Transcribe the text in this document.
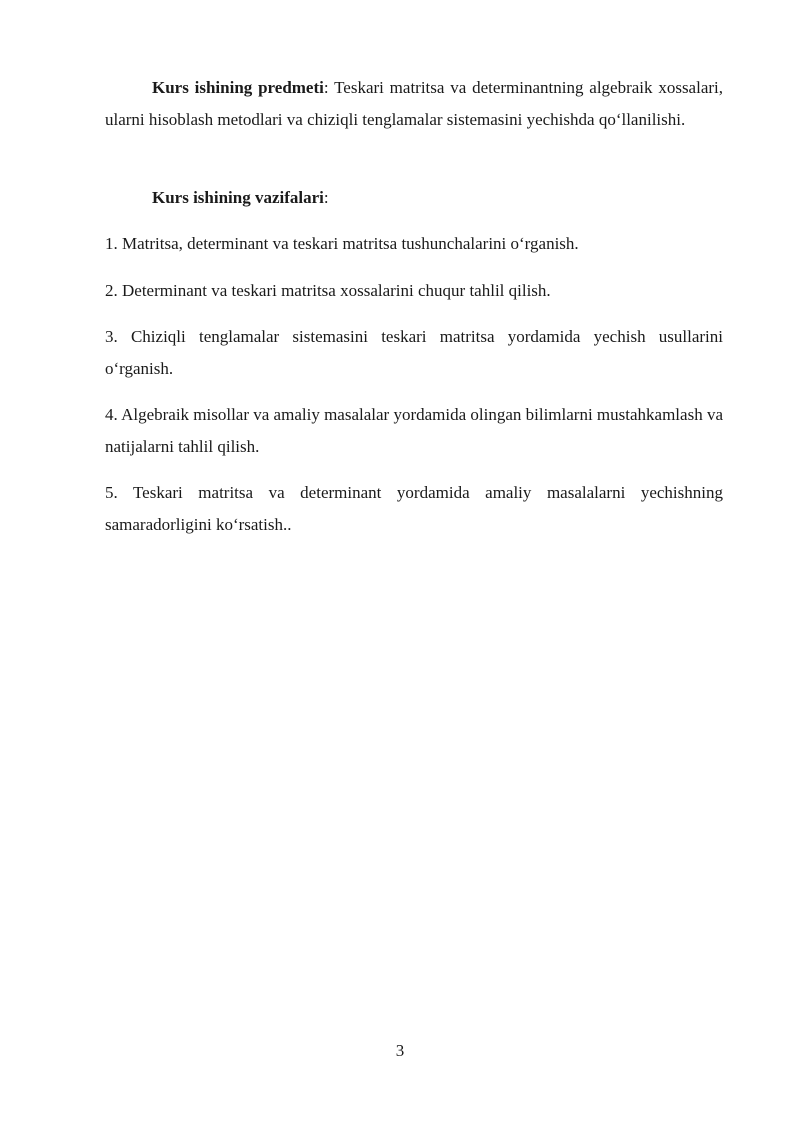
Kurs ishining predmeti: Teskari matritsa va determinantning algebraik xossalari, ularni hisoblash metodlari va chiziqli tenglamalar sistemasini yechishda qo‘llanilishi.

Kurs ishining vazifalari:

1. Matritsa, determinant va teskari matritsa tushunchalarini o‘rganish.

2. Determinant va teskari matritsa xossalarini chuqur tahlil qilish.

3. Chiziqli tenglamalar sistemasini teskari matritsa yordamida yechish usullarini o‘rganish.

4. Algebraik misollar va amaliy masalalar yordamida olingan bilimlarni mustahkamlash va natijalarni tahlil qilish.

5. Teskari matritsa va determinant yordamida amaliy masalalarni yechishning samaradorligini ko‘rsatish..

3
